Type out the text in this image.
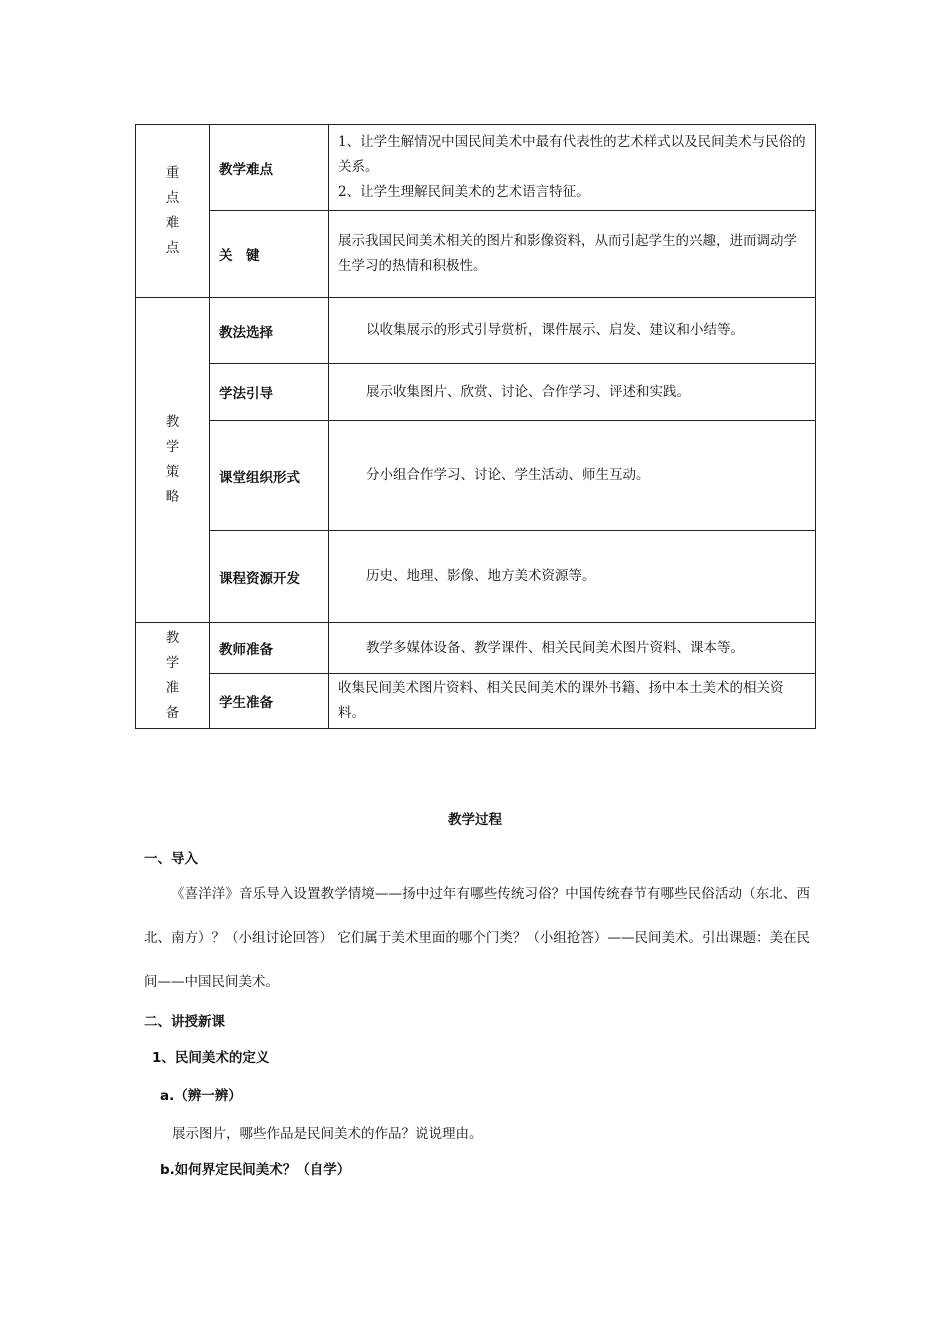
重点难点	教学难点	1、让学生解情况中国民间美术中最有代表性的艺术样式以及民间美术与民俗的关系。
2、让学生理解民间美术的艺术语言特征。
	关　键	展示我国民间美术相关的图片和影像资料，从而引起学生的兴趣，进而调动学生学习的热情和积极性。
教学策略	教法选择	以收集展示的形式引导赏析，课件展示、启发、建议和小结等。
	学法引导	展示收集图片、欣赏、讨论、合作学习、评述和实践。
	课堂组织形式	分小组合作学习、讨论、学生活动、师生互动。
	课程资源开发	历史、地理、影像、地方美术资源等。
教学准备	教师准备	教学多媒体设备、教学课件、相关民间美术图片资料、课本等。
	学生准备	收集民间美术图片资料、相关民间美术的课外书籍、扬中本土美术的相关资料。
教学过程
一、导入
《喜洋洋》音乐导入设置教学情境——扬中过年有哪些传统习俗？中国传统春节有哪些民俗活动（东北、西北、南方）？（小组讨论回答） 它们属于美术里面的哪个门类？（小组抢答）——民间美术。引出课题：美在民间——中国民间美术。
二、讲授新课
1、民间美术的定义
a.（辨一辨）
展示图片，哪些作品是民间美术的作品？说说理由。
b.如何界定民间美术？（自学）
